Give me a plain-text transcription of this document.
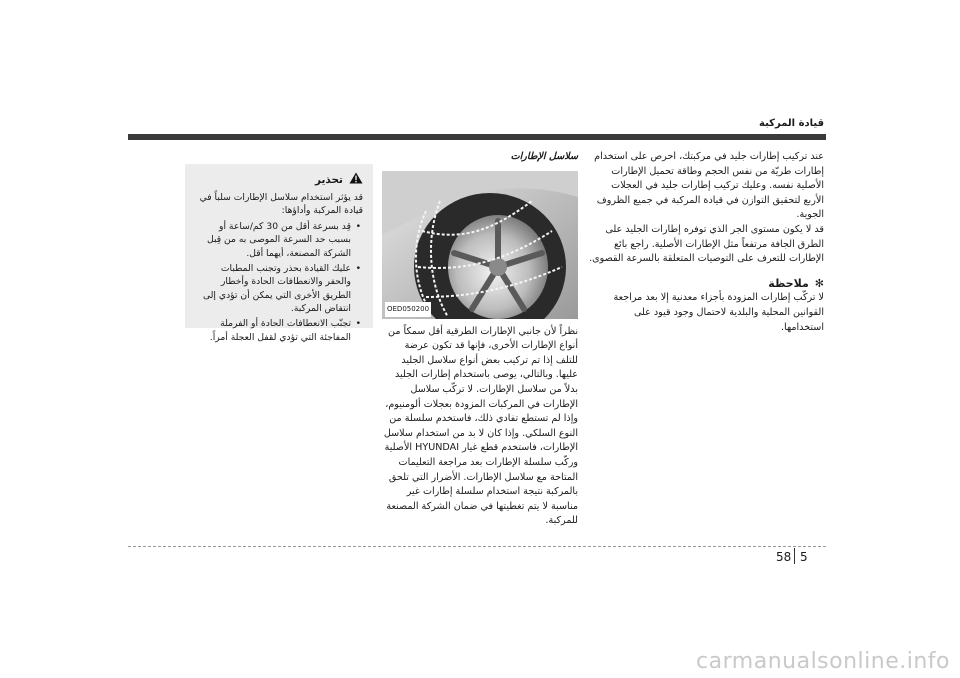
قيادة المركبة

عند تركيب إطارات جليد في مركبتك، احرص على استخدام إطارات طريّة من نفس الحجم وطاقة تحميل الإطارات الأصلية نفسه. وعليك تركيب إطارات جليد في العجلات الأربع لتحقيق التوازن في قيادة المركبة في جميع الظروف الجوية.

قد لا يكون مستوى الجر الذي توفره إطارات الجليد على الطرق الجافة مرتفعاً مثل الإطارات الأصلية. راجع بائع الإطارات للتعرف على التوصيات المتعلقة بالسرعة القصوى.

✻
ملاحظة

لا تركّب إطارات المزودة بأجزاء معدنية إلا بعد مراجعة القوانين المحلية والبلدية لاحتمال وجود قيود على استخدامها.

سلاسل الإطارات
OED050200

نظراً لأن جانبي الإطارات الطرقية أقل سمكاً من أنواع الإطارات الأخرى، فإنها قد تكون عرضة للتلف إذا تم تركيب بعض أنواع سلاسل الجليد عليها. وبالتالي، يوصى باستخدام إطارات الجليد بدلاً من سلاسل الإطارات. لا تركّب سلاسل الإطارات في المركبات المزودة بعجلات ألومنيوم، وإذا لم تستطع تفادي ذلك، فاستخدم سلسلة من النوع السلكي. وإذا كان لا بد من استخدام سلاسل الإطارات، فاستخدم قطع غيار HYUNDAI الأصلية وركّب سلسلة الإطارات بعد مراجعة التعليمات المتاحة مع سلاسل الإطارات. الأضرار التي تلحق بالمركبة نتيجة استخدام سلسلة إطارات غير مناسبة لا يتم تغطيتها في ضمان الشركة المصنعة للمركبة.

تحذير

قد يؤثر استخدام سلاسل الإطارات سلباً في قيادة المركبة وأداؤها:

• قِد بسرعة أقل من 30 كم/ساعة أو بسبب حد السرعة الموصى به من قِبل الشركة المصنعة، أيهما أقل.
• عليك القيادة بحذر وتجنب المطبات والحفر والانعطافات الحادة وأخطار الطريق الأخرى التي يمكن أن تؤدي إلى انتفاض المركبة.
• تجنّب الانعطافات الحادة أو الفرملة المفاجئة التي تؤدي لقفل العجلة أمراً.
58 5
carmanualsonline.info
